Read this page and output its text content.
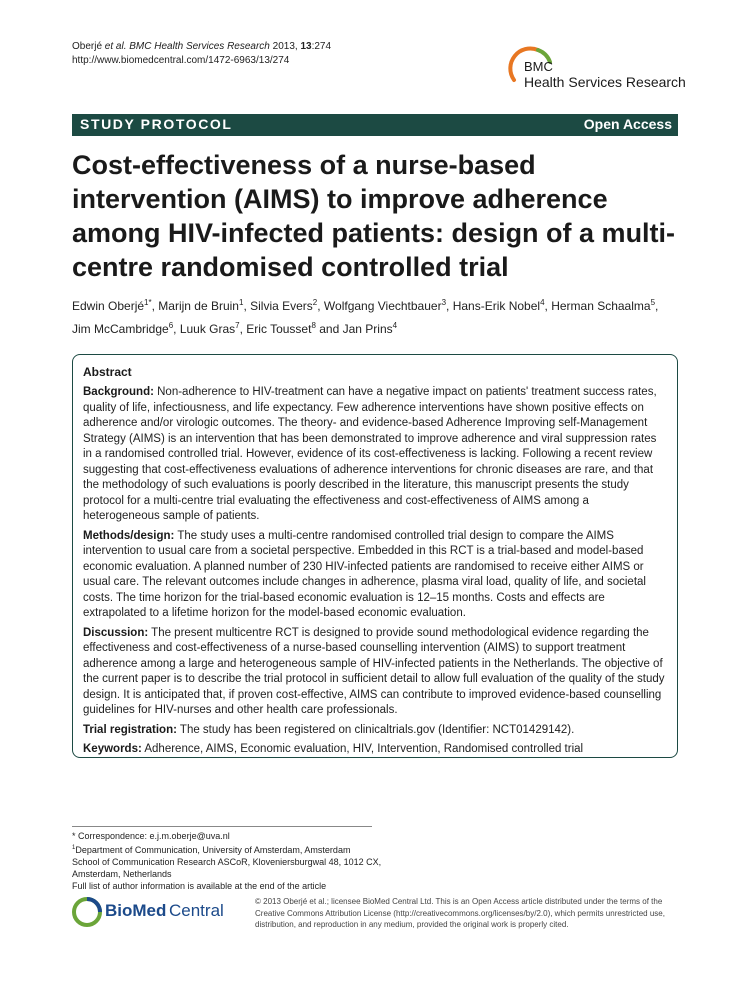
Oberjé et al. BMC Health Services Research 2013, 13:274
http://www.biomedcentral.com/1472-6963/13/274	BMC
Health Services Research
STUDY PROTOCOL	Open Access
Cost-effectiveness of a nurse-based intervention (AIMS) to improve adherence among HIV-infected patients: design of a multi-centre randomised controlled trial
Edwin Oberjé$^{1*}$, Marijn de Bruin$^1$, Silvia Evers$^2$, Wolfgang Viechtbauer$^3$, Hans-Erik Nobel$^4$, Herman Schaalma$^5$,
Jim McCambridge$^6$, Luuk Gras$^7$, Eric Tousset$^8$ and Jan Prins$^4$
Abstract

Background: Non-adherence to HIV-treatment can have a negative impact on patients' treatment success rates, quality of life, infectiousness, and life expectancy. Few adherence interventions have shown positive effects on adherence and/or virologic outcomes. The theory- and evidence-based Adherence Improving self-Management Strategy (AIMS) is an intervention that has been demonstrated to improve adherence and viral suppression rates in a randomised controlled trial. However, evidence of its cost-effectiveness is lacking. Following a recent review suggesting that cost-effectiveness evaluations of adherence interventions for chronic diseases are rare, and that the methodology of such evaluations is poorly described in the literature, this manuscript presents the study protocol for a multi-centre trial evaluating the effectiveness and cost-effectiveness of AIMS among a heterogeneous sample of patients.

Methods/design: The study uses a multi-centre randomised controlled trial design to compare the AIMS intervention to usual care from a societal perspective. Embedded in this RCT is a trial-based and model-based economic evaluation. A planned number of 230 HIV-infected patients are randomised to receive either AIMS or usual care. The relevant outcomes include changes in adherence, plasma viral load, quality of life, and societal costs. The time horizon for the trial-based economic evaluation is 12–15 months. Costs and effects are extrapolated to a lifetime horizon for the model-based economic evaluation.

Discussion: The present multicentre RCT is designed to provide sound methodological evidence regarding the effectiveness and cost-effectiveness of a nurse-based counselling intervention (AIMS) to support treatment adherence among a large and heterogeneous sample of HIV-infected patients in the Netherlands. The objective of the current paper is to describe the trial protocol in sufficient detail to allow full evaluation of the quality of the study design. It is anticipated that, if proven cost-effective, AIMS can contribute to improved evidence-based counselling guidelines for HIV-nurses and other health care professionals.

Trial registration: The study has been registered on clinicaltrials.gov (Identifier: NCT01429142).

Keywords: Adherence, AIMS, Economic evaluation, HIV, Intervention, Randomised controlled trial

* Correspondence: e.j.m.oberje@uva.nl
$^1$Department of Communication, University of Amsterdam, Amsterdam
School of Communication Research ASCoR, Kloveniersburgwal 48, 1012 CX,
Amsterdam, Netherlands
Full list of author information is available at the end of the article
BioMed Central	© 2013 Oberjé et al.; licensee BioMed Central Ltd. This is an Open Access article distributed under the terms of the Creative Commons Attribution License (http://creativecommons.org/licenses/by/2.0), which permits unrestricted use, distribution, and reproduction in any medium, provided the original work is properly cited.
